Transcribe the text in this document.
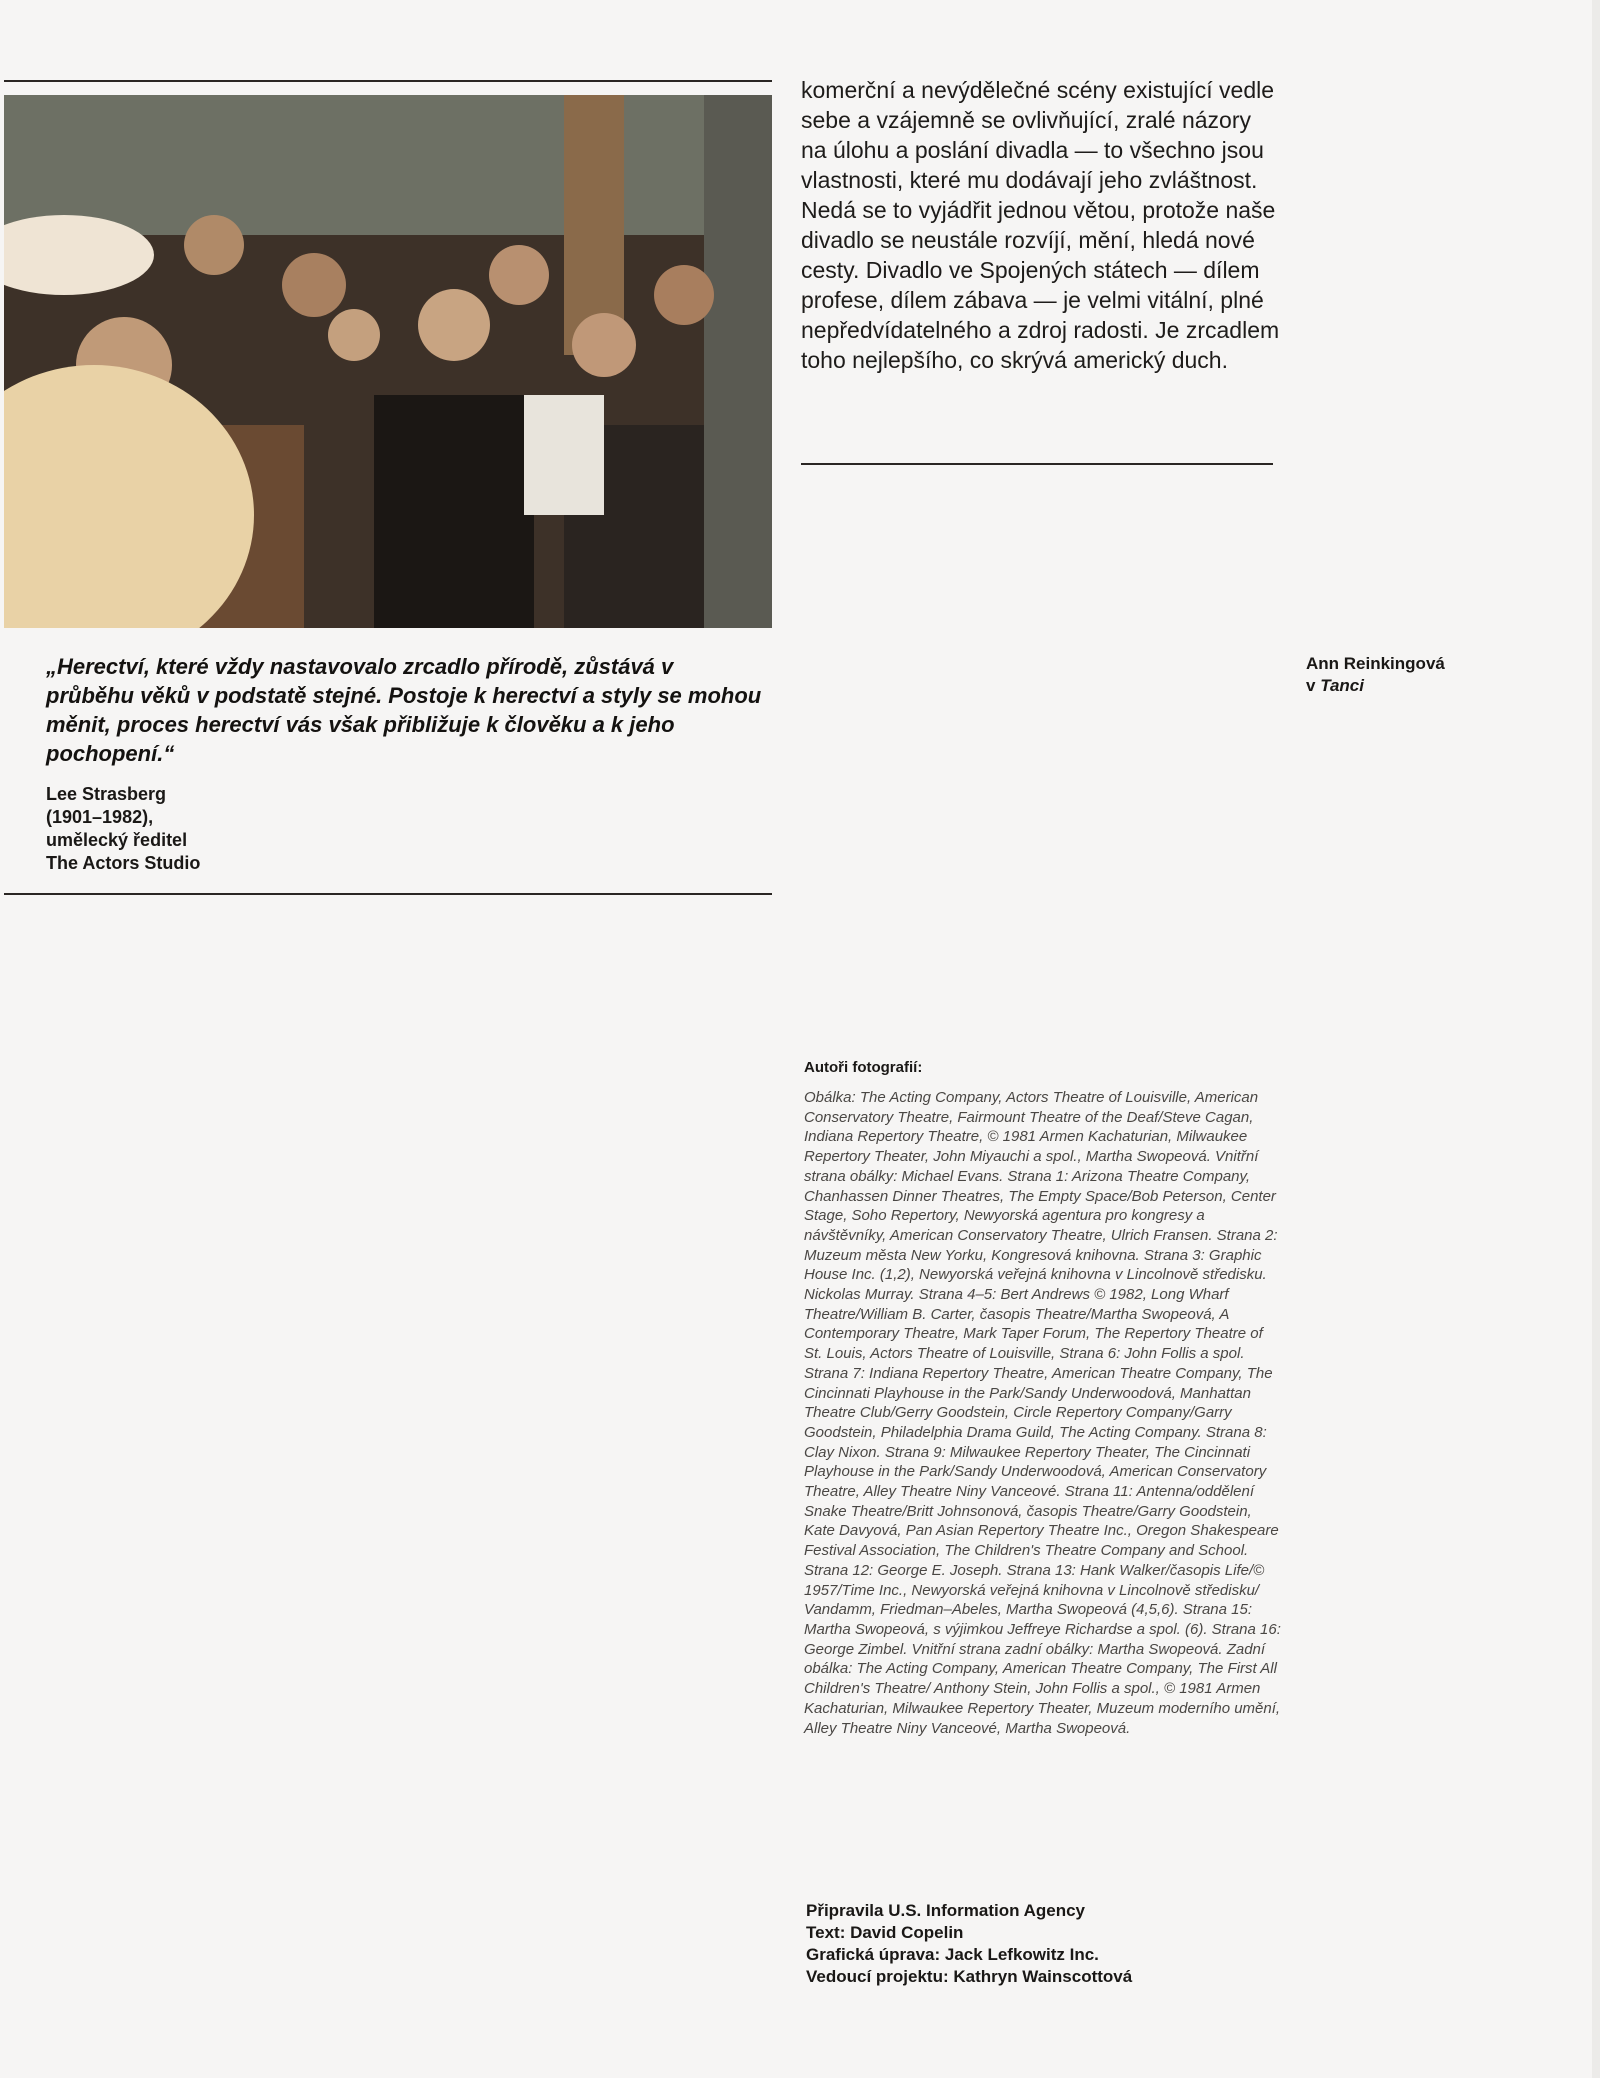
komerční a nevýdělečné scény existující vedle sebe a vzájemně se ovlivňující, zralé názory na úlohu a poslání divadla — to všechno jsou vlastnosti, které mu dodávají jeho zvláštnost. Nedá se to vyjádřit jednou větou, protože naše divadlo se neustále rozvíjí, mění, hledá nové cesty. Divadlo ve Spojených státech — dílem profese, dílem zábava — je velmi vitální, plné nepředvídatelného a zdroj radosti. Je zrcadlem toho nejlepšího, co skrývá americký duch.
„Herectví, které vždy nastavovalo zrcadlo přírodě, zůstává v průběhu věků v podstatě stejné. Postoje k herectví a styly se mohou měnit, proces herectví vás však přibližuje k člověku a k jeho pochopení.“
Lee Strasberg
(1901–1982),
umělecký ředitel
The Actors Studio
Ann Reinkingová
v Tanci
Autoři fotografií:
Obálka: The Acting Company, Actors Theatre of Louisville, American Conservatory Theatre, Fairmount Theatre of the Deaf/Steve Cagan, Indiana Repertory Theatre, © 1981 Armen Kachaturian, Milwaukee Repertory Theater, John Miyauchi a spol., Martha Swopeová. Vnitřní strana obálky: Michael Evans. Strana 1: Arizona Theatre Company, Chanhassen Dinner Theatres, The Empty Space/Bob Peterson, Center Stage, Soho Repertory, Newyorská agentura pro kongresy a návštěvníky, American Conservatory Theatre, Ulrich Fransen. Strana 2: Muzeum města New Yorku, Kongresová knihovna. Strana 3: Graphic House Inc. (1,2), Newyorská veřejná knihovna v Lincolnově středisku. Nickolas Murray. Strana 4–5: Bert Andrews © 1982, Long Wharf Theatre/William B. Carter, časopis Theatre/Martha Swopeová, A Contemporary Theatre, Mark Taper Forum, The Repertory Theatre of St. Louis, Actors Theatre of Louisville, Strana 6: John Follis a spol. Strana 7: Indiana Repertory Theatre, American Theatre Company, The Cincinnati Playhouse in the Park/Sandy Underwoodová, Manhattan Theatre Club/Gerry Goodstein, Circle Repertory Company/Garry Goodstein, Philadelphia Drama Guild, The Acting Company. Strana 8: Clay Nixon. Strana 9: Milwaukee Repertory Theater, The Cincinnati Playhouse in the Park/Sandy Underwoodová, American Conservatory Theatre, Alley Theatre Niny Vanceové. Strana 11: Antenna/oddělení Snake Theatre/Britt Johnsonová, časopis Theatre/Garry Goodstein, Kate Davyová, Pan Asian Repertory Theatre Inc., Oregon Shakespeare Festival Association, The Children's Theatre Company and School. Strana 12: George E. Joseph. Strana 13: Hank Walker/časopis Life/© 1957/Time Inc., Newyorská veřejná knihovna v Lincolnově středisku/ Vandamm, Friedman–Abeles, Martha Swopeová (4,5,6). Strana 15: Martha Swopeová, s výjimkou Jeffreye Richardse a spol. (6). Strana 16: George Zimbel. Vnitřní strana zadní obálky: Martha Swopeová. Zadní obálka: The Acting Company, American Theatre Company, The First All Children's Theatre/ Anthony Stein, John Follis a spol., © 1981 Armen Kachaturian, Milwaukee Repertory Theater, Muzeum moderního umění, Alley Theatre Niny Vanceové, Martha Swopeová.
Připravila U.S. Information Agency
Text: David Copelin
Grafická úprava: Jack Lefkowitz Inc.
Vedoucí projektu: Kathryn Wainscottová
